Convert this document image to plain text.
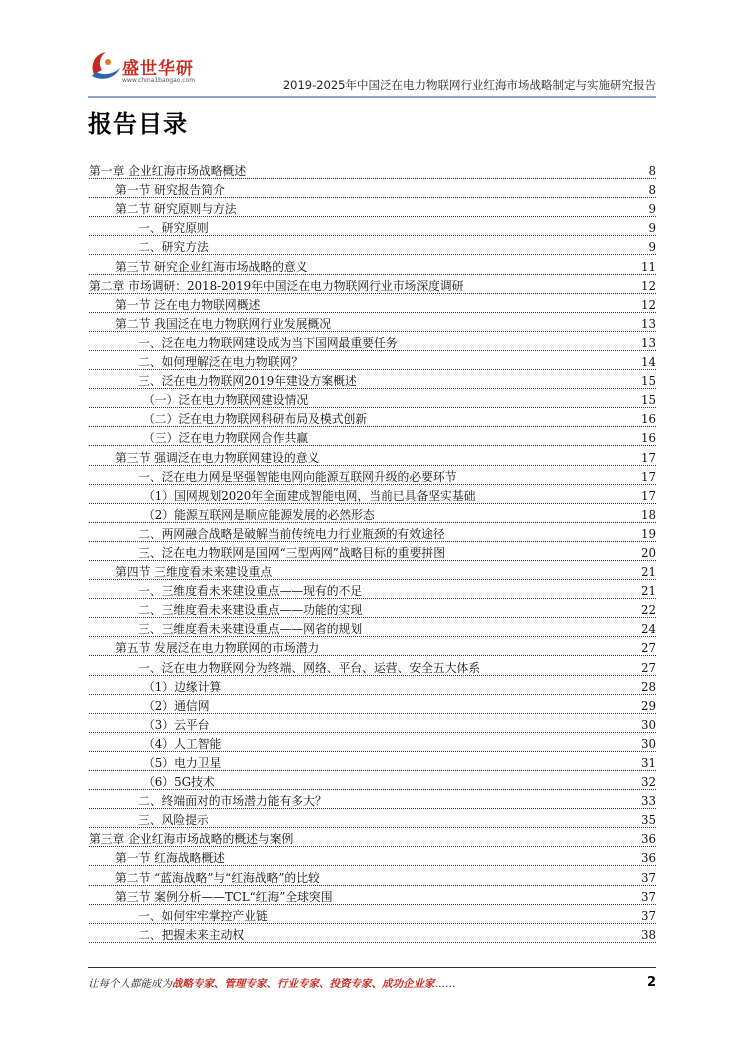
盛世华研
www.china1baogao.com	2019-2025年中国泛在电力物联网行业红海市场战略制定与实施研究报告
报告目录
第一章 企业红海市场战略概述	8
第一节 研究报告简介	8
第二节 研究原则与方法	9
一、研究原则	9
二、研究方法	9
第三节 研究企业红海市场战略的意义	11
第二章 市场调研：2018-2019年中国泛在电力物联网行业市场深度调研	12
第一节 泛在电力物联网概述	12
第二节 我国泛在电力物联网行业发展概况	13
一、泛在电力物联网建设成为当下国网最重要任务	13
二、如何理解泛在电力物联网？	14
三、泛在电力物联网2019年建设方案概述	15
（一）泛在电力物联网建设情况	15
（二）泛在电力物联网科研布局及模式创新	16
（三）泛在电力物联网合作共赢	16
第三节 强调泛在电力物联网建设的意义	17
一、泛在电力网是坚强智能电网向能源互联网升级的必要环节	17
（1）国网规划2020年全面建成智能电网，当前已具备坚实基础	17
（2）能源互联网是顺应能源发展的必然形态	18
二、两网融合战略是破解当前传统电力行业瓶颈的有效途径	19
三、泛在电力物联网是国网“三型两网”战略目标的重要拼图	20
第四节 三维度看未来建设重点	21
一、三维度看未来建设重点——现有的不足	21
二、三维度看未来建设重点——功能的实现	22
三、三维度看未来建设重点——网省的规划	24
第五节 发展泛在电力物联网的市场潜力	27
一、泛在电力物联网分为终端、网络、平台、运营、安全五大体系	27
（1）边缘计算	28
（2）通信网	29
（3）云平台	30
（4）人工智能	30
（5）电力卫星	31
（6）5G技术	32
二、终端面对的市场潜力能有多大？	33
三、风险提示	35
第三章 企业红海市场战略的概述与案例	36
第一节 红海战略概述	36
第二节 “蓝海战略”与“红海战略”的比较	37
第三节 案例分析——TCL“红海”全球突围	37
一、如何牢牢掌控产业链	37
二、把握未来主动权	38
让每个人都能成为战略专家、管理专家、行业专家、投资专家、成功企业家……	2
